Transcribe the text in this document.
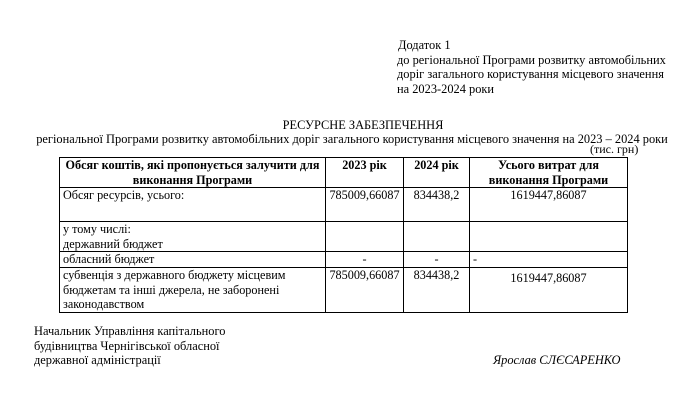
Додаток 1
до регіональної Програми розвитку автомобільних
доріг загального користування місцевого значення
на 2023-2024 роки
РЕСУРСНЕ ЗАБЕЗПЕЧЕННЯ
регіональної Програми розвитку автомобільних доріг загального користування місцевого значення на 2023 – 2024 роки
(тис. грн)
Обсяг коштів, які пропонується залучити для виконання Програми	2023 рік	2024 рік	Усього витрат для виконання Програми
Обсяг ресурсів, усього:	785009,66087	834438,2	1619447,86087

у тому числі:
державний бюджет			

обласний бюджет	-	-	-
субвенція з державного бюджету місцевим бюджетам та інші джерела, не заборонені законодавством	785009,66087	834438,2	1619447,86087
Начальник Управління капітального
будівництва Чернігівської обласної
державної адміністрації	Ярослав СЛЄСАРЕНКО
